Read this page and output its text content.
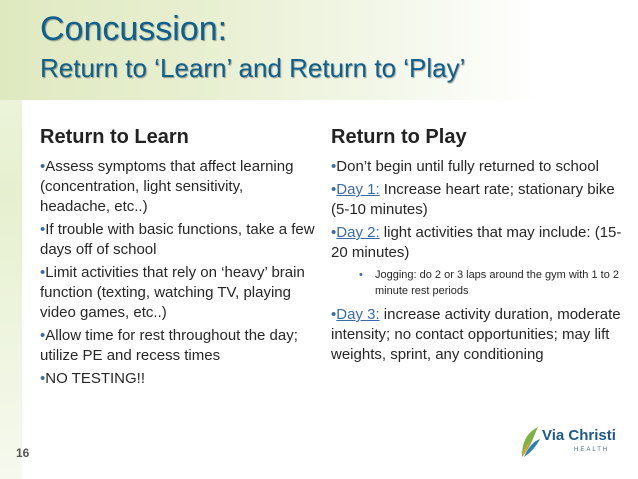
Concussion:
Return to ‘Learn’ and Return to ‘Play’
Return to Learn	Return to Play

•Assess symptoms that affect learning (concentration, light sensitivity, headache, etc..)

•If trouble with basic functions, take a few days off of school

•Limit activities that rely on ‘heavy’ brain function (texting, watching TV, playing video games, etc..)

•Allow time for rest throughout the day; utilize PE and recess times

•NO TESTING!!

•Don’t begin until fully returned to school

•Day 1: Increase heart rate; stationary bike (5-10 minutes)

•Day 2: light activities that may include: (15-20 minutes)

•	Jogging: do 2 or 3 laps around the gym with 1 to 2 minute rest periods

•Day 3: increase activity duration, moderate intensity; no contact opportunities; may lift weights, sprint, any conditioning

16
Via Christi
HEALTH
